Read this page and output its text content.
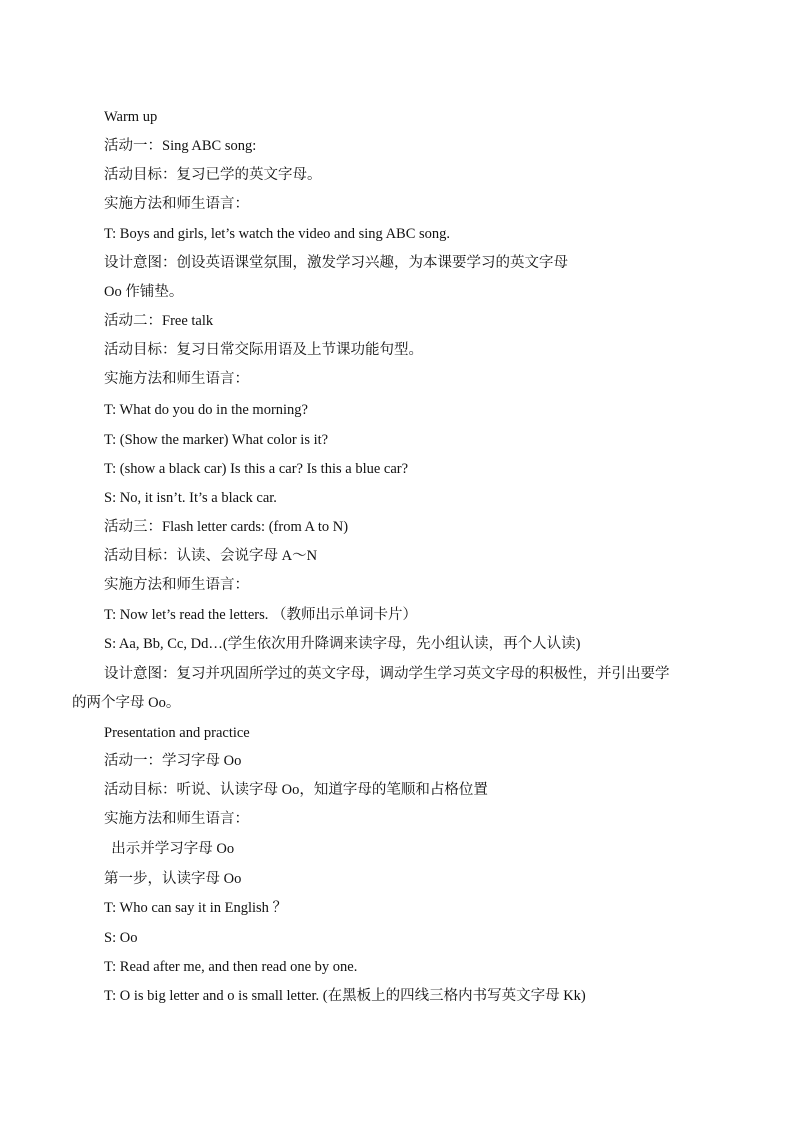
Warm up
活动一：Sing ABC song:
活动目标：复习已学的英文字母。
实施方法和师生语言：
T: Boys and girls, let’s watch the video and sing ABC song.
设计意图：创设英语课堂氛围，激发学习兴趣，为本课要学习的英文字母
Oo 作铺垫。
活动二：Free talk
活动目标：复习日常交际用语及上节课功能句型。
实施方法和师生语言：
T: What do you do in the morning?
T: (Show the marker) What color is it?
T: (show a black car) Is this a car? Is this a blue car?
S: No, it isn’t. It’s a black car.
活动三：Flash letter cards: (from A to N)
活动目标：认读、会说字母 A～N
实施方法和师生语言：
T: Now let’s read the letters. （教师出示单词卡片）
S: Aa, Bb, Cc, Dd…(学生依次用升降调来读字母，先小组认读，再个人认读)
设计意图：复习并巩固所学过的英文字母，调动学生学习英文字母的积极性，并引出要学
的两个字母 Oo。
Presentation and practice
活动一：学习字母 Oo
活动目标：听说、认读字母 Oo，知道字母的笔顺和占格位置
实施方法和师生语言：
出示并学习字母 Oo
第一步，认读字母 Oo
T: Who can say it in English ？
S: Oo
T: Read after me, and then read one by one.
T: O is big letter and o is small letter. (在黑板上的四线三格内书写英文字母 Kk)
